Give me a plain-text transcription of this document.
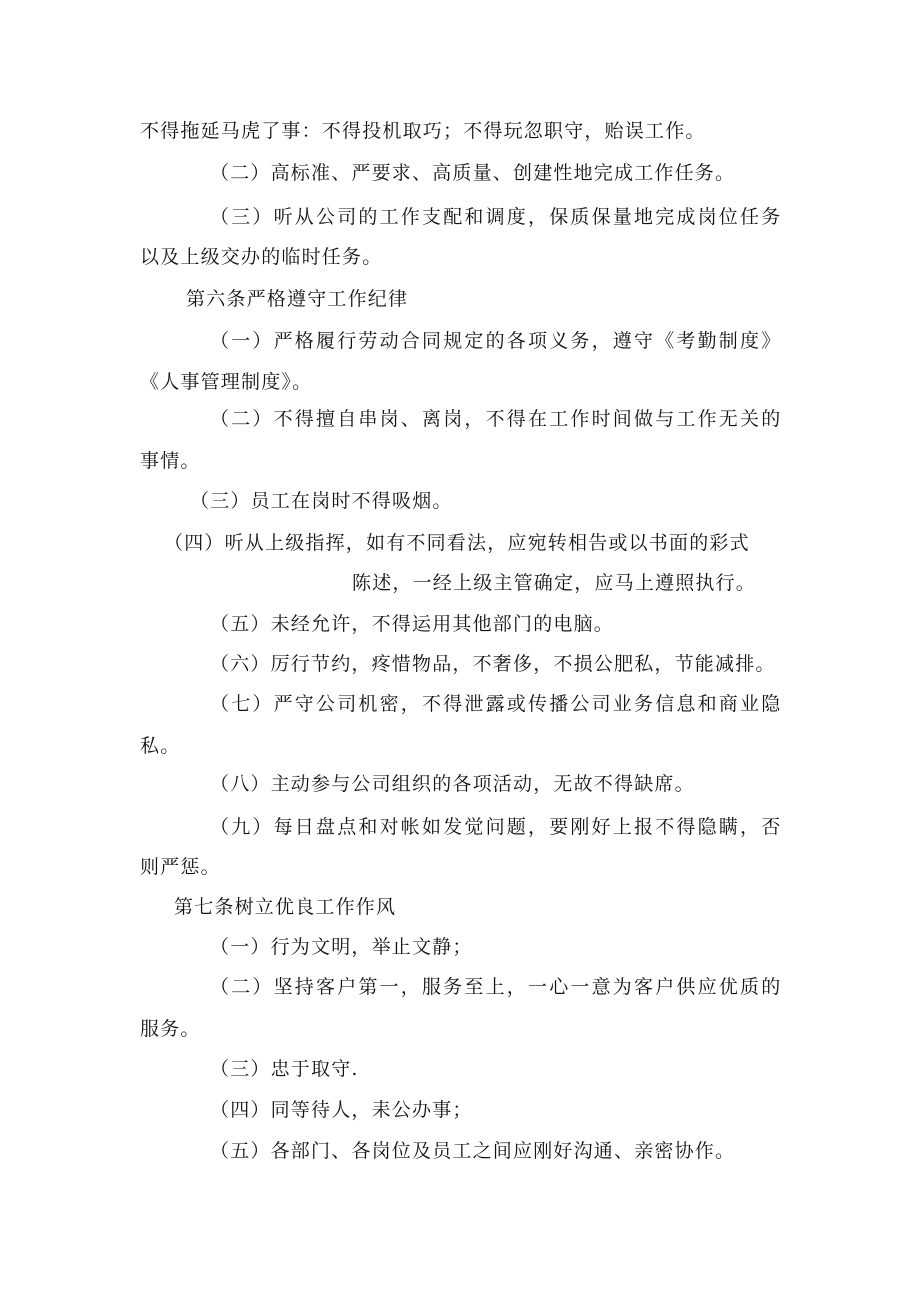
不得拖延马虎了事：不得投机取巧；不得玩忽职守，贻误工作。
（二）高标准、严要求、高质量、创建性地完成工作任务。
（三）听从公司的工作支配和调度，保质保量地完成岗位任务
以及上级交办的临时任务。
第六条严格遵守工作纪律
（一）严格履行劳动合同规定的各项义务，遵守《考勤制度》
《人事管理制度》。
（二）不得擅自串岗、离岗，不得在工作时间做与工作无关的
事情。
（三）员工在岗时不得吸烟。
（四）听从上级指挥，如有不同看法，应宛转相告或以书面的彩式
陈述，一经上级主管确定，应马上遵照执行。
（五）未经允许，不得运用其他部门的电脑。
（六）厉行节约，疼惜物品，不奢侈，不损公肥私，节能减排。
（七）严守公司机密，不得泄露或传播公司业务信息和商业隐
私。
（八）主动参与公司组织的各项活动，无故不得缺席。
（九）每日盘点和对帐如发觉问题，要刚好上报不得隐瞒，否
则严惩。
第七条树立优良工作作风
（一）行为文明，举止文静；
（二）坚持客户第一，服务至上，一心一意为客户供应优质的
服务。
（三）忠于取守.
（四）同等待人，耒公办事；
（五）各部门、各岗位及员工之间应刚好沟通、亲密协作。
